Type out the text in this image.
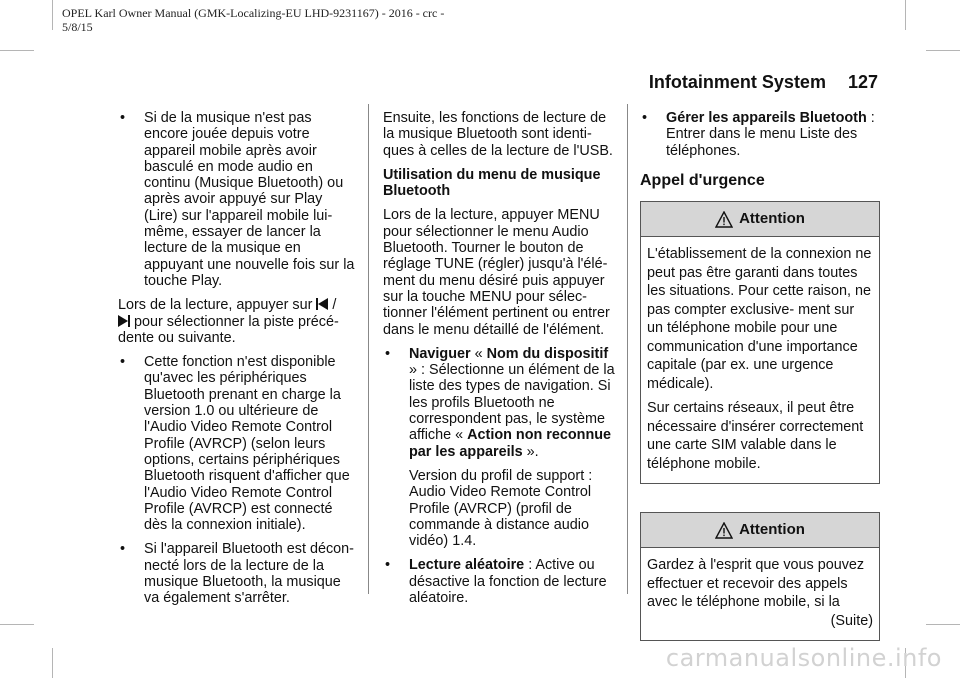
OPEL Karl Owner Manual (GMK-Localizing-EU LHD-9231167) - 2016 - crc -
5/8/15
Infotainment System 127
• Si de la musique n'est pas encore jouée depuis votre appareil mobile après avoir basculé en mode audio en continu (Musique Bluetooth) ou après avoir appuyé sur Play (Lire) sur l'appareil mobile lui-même, essayer de lancer la lecture de la musique en appuyant une nouvelle fois sur la touche Play.

Lors de la lecture, appuyer sur /

pour sélectionner la piste précé- dente ou suivante.

• Cette fonction n'est disponible qu'avec les périphériques Bluetooth prenant en charge la version 1.0 ou ultérieure de l'Audio Video Remote Control Profile (AVRCP) (selon leurs options, certains périphériques Bluetooth risquent d'afficher que l'Audio Video Remote Control Profile (AVRCP) est connecté dès la connexion initiale).
• Si l'appareil Bluetooth est décon- necté lors de la lecture de la musique Bluetooth, la musique va également s'arrêter.

Ensuite, les fonctions de lecture de la musique Bluetooth sont identi- ques à celles de la lecture de l'USB.

Utilisation du menu de musique Bluetooth

Lors de la lecture, appuyer MENU pour sélectionner le menu Audio Bluetooth. Tourner le bouton de réglage TUNE (régler) jusqu'à l'élé- ment du menu désiré puis appuyer sur la touche MENU pour sélec- tionner l'élément pertinent ou entrer dans le menu détaillé de l'élément.

• Naviguer « Nom du dispositif » : Sélectionne un élément de la liste des types de navigation. Si les profils Bluetooth ne correspondent pas, le système affiche « Action non reconnue par les appareils ».
Version du profil de support : Audio Video Remote Control Profile (AVRCP) (profil de commande à distance audio vidéo) 1.4.
• Lecture aléatoire : Active ou désactive la fonction de lecture aléatoire.
• Gérer les appareils Bluetooth : Entrer dans le menu Liste des téléphones.
Appel d'urgence
Attention

L'établissement de la connexion ne peut pas être garanti dans toutes les situations. Pour cette raison, ne pas compter exclusive- ment sur un téléphone mobile pour une communication d'une importance capitale (par ex. une urgence médicale).

Sur certains réseaux, il peut être nécessaire d'insérer correctement une carte SIM valable dans le téléphone mobile.

Attention

Gardez à l'esprit que vous pouvez effectuer et recevoir des appels avec le téléphone mobile, si la

(Suite)

carmanualsonline.info
